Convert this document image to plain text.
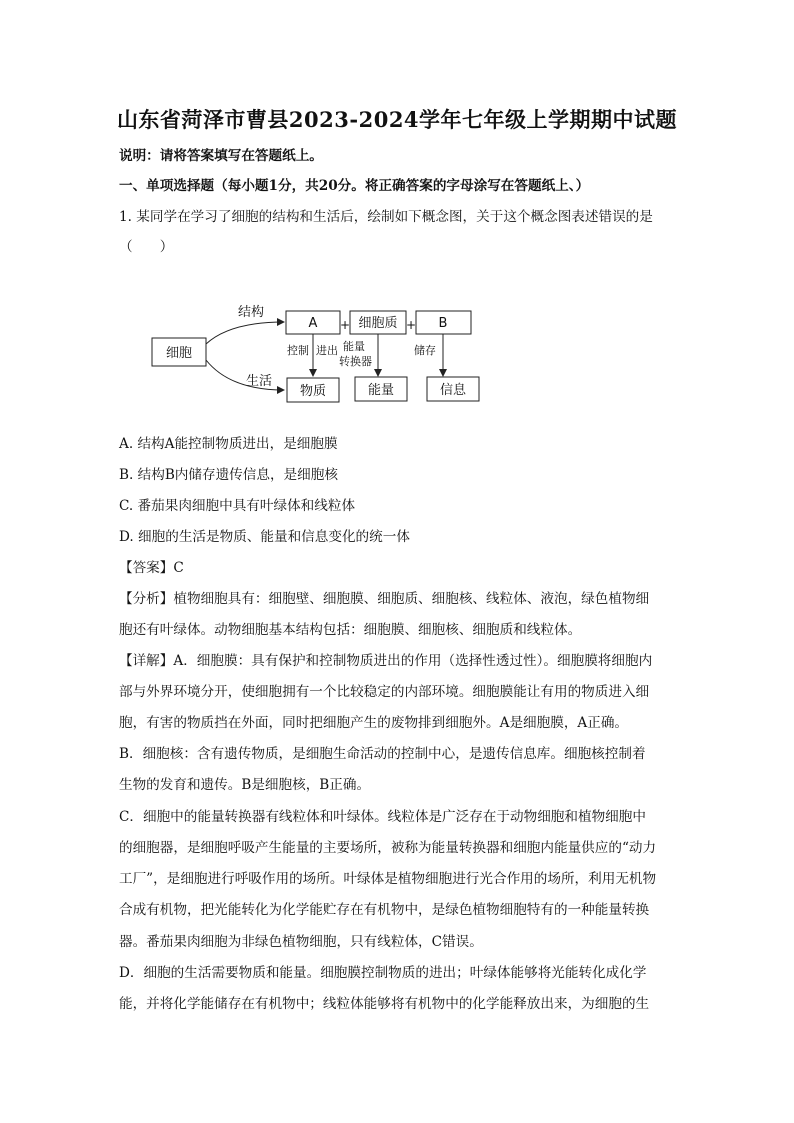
山东省菏泽市曹县2023-2024学年七年级上学期期中试题
说明：请将答案填写在答题纸上。
一、单项选择题（每小题1分，共20分。将正确答案的字母涂写在答题纸上、）
1. 某同学在学习了细胞的结构和生活后，绘制如下概念图，关于这个概念图表述错误的是
（　　）
细胞
结构
生活
A + 细胞质 + B
控制 进出 能量
转换器
储存
物质	能量	信息
A. 结构A能控制物质进出，是细胞膜
B. 结构B内储存遗传信息，是细胞核
C. 番茄果肉细胞中具有叶绿体和线粒体
D. 细胞的生活是物质、能量和信息变化的统一体
【答案】C
【分析】植物细胞具有：细胞壁、细胞膜、细胞质、细胞核、线粒体、液泡，绿色植物细
胞还有叶绿体。动物细胞基本结构包括：细胞膜、细胞核、细胞质和线粒体。
【详解】A．细胞膜：具有保护和控制物质进出的作用（选择性透过性）。细胞膜将细胞内
部与外界环境分开，使细胞拥有一个比较稳定的内部环境。细胞膜能让有用的物质进入细
胞，有害的物质挡在外面，同时把细胞产生的废物排到细胞外。A是细胞膜，A正确。
B．细胞核：含有遗传物质，是细胞生命活动的控制中心，是遗传信息库。细胞核控制着
生物的发育和遗传。B是细胞核，B正确。
C．细胞中的能量转换器有线粒体和叶绿体。线粒体是广泛存在于动物细胞和植物细胞中
的细胞器，是细胞呼吸产生能量的主要场所，被称为能量转换器和细胞内能量供应的“动力
工厂”，是细胞进行呼吸作用的场所。叶绿体是植物细胞进行光合作用的场所，利用无机物
合成有机物，把光能转化为化学能贮存在有机物中，是绿色植物细胞特有的一种能量转换
器。番茄果肉细胞为非绿色植物细胞，只有线粒体，C错误。
D．细胞的生活需要物质和能量。细胞膜控制物质的进出；叶绿体能够将光能转化成化学
能，并将化学能储存在有机物中；线粒体能够将有机物中的化学能释放出来，为细胞的生
